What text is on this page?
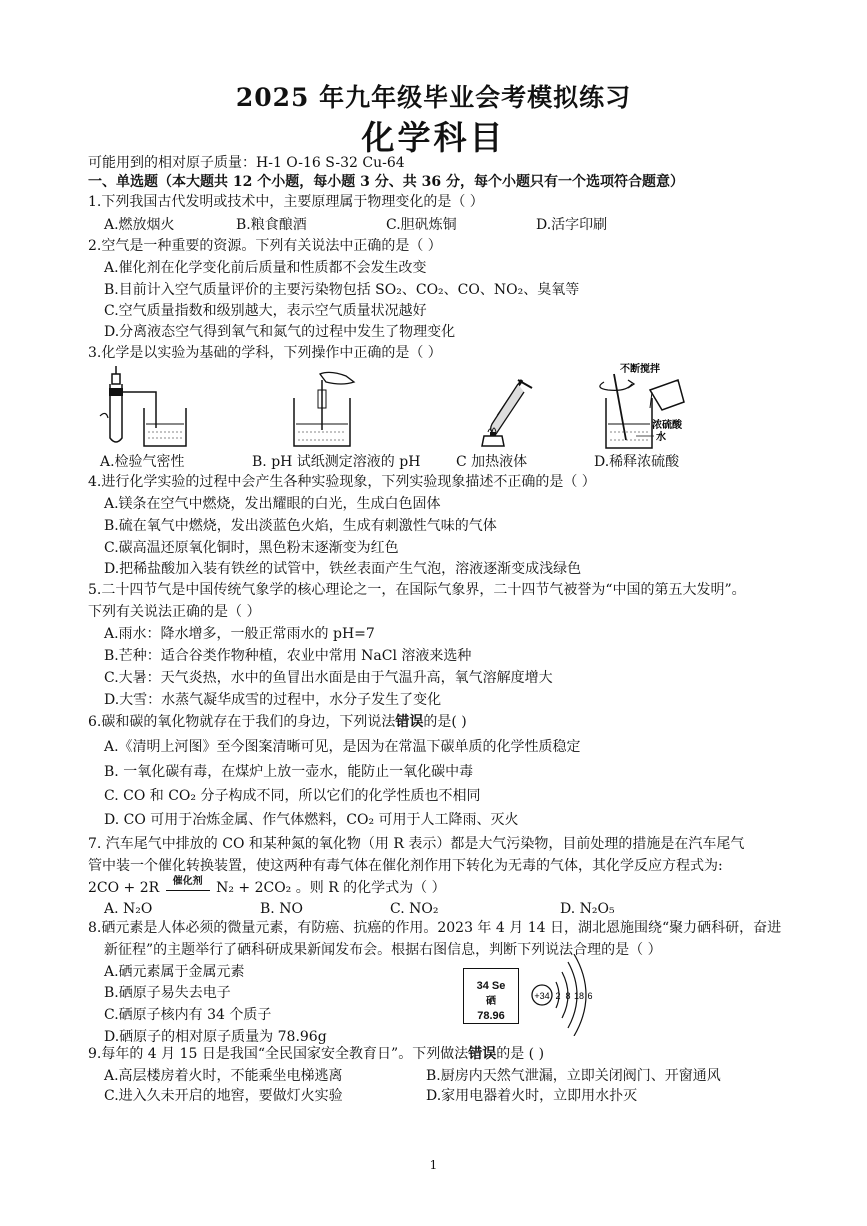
2025 年九年级毕业会考模拟练习
化学科目
可能用到的相对原子质量：H-1 O-16 S-32 Cu-64
一、单选题（本大题共 12 个小题，每小题 3 分、共 36 分，每个小题只有一个选项符合题意）
1.下列我国古代发明或技术中，主要原理属于物理变化的是（ ）
A.燃放烟火	B.粮食酿酒	C.胆矾炼铜	D.活字印刷
2.空气是一种重要的资源。下列有关说法中正确的是（ ）
A.催化剂在化学变化前后质量和性质都不会发生改变
B.目前计入空气质量评价的主要污染物包括 SO₂、CO₂、CO、NO₂、臭氧等
C.空气质量指数和级别越大，表示空气质量状况越好
D.分离液态空气得到氧气和氮气的过程中发生了物理变化
3.化学是以实验为基础的学科，下列操作中正确的是（ ）
不断搅拌
浓硫酸
水
A.检验气密性	B. pH 试纸测定溶液的 pH	C 加热液体	D.稀释浓硫酸
4.进行化学实验的过程中会产生各种实验现象，下列实验现象描述不正确的是（ ）
A.镁条在空气中燃烧，发出耀眼的白光，生成白色固体
B.硫在氧气中燃烧，发出淡蓝色火焰，生成有刺激性气味的气体
C.碳高温还原氧化铜时，黑色粉末逐渐变为红色
D.把稀盐酸加入装有铁丝的试管中，铁丝表面产生气泡，溶液逐渐变成浅绿色
5.二十四节气是中国传统气象学的核心理论之一，在国际气象界，二十四节气被誉为“中国的第五大发明”。
下列有关说法正确的是（ ）
A.雨水：降水增多，一般正常雨水的 pH=7
B.芒种：适合谷类作物种植，农业中常用 NaCl 溶液来选种
C.大暑：天气炎热，水中的鱼冒出水面是由于气温升高，氧气溶解度增大
D.大雪：水蒸气凝华成雪的过程中，水分子发生了变化
6.碳和碳的氧化物就存在于我们的身边，下列说法错误的是( )
A.《清明上河图》至今图案清晰可见，是因为在常温下碳单质的化学性质稳定
B. 一氧化碳有毒，在煤炉上放一壶水，能防止一氧化碳中毒
C. CO 和 CO₂ 分子构成不同，所以它们的化学性质也不相同
D. CO 可用于冶炼金属、作气体燃料，CO₂ 可用于人工降雨、灭火
7. 汽车尾气中排放的 CO 和某种氮的氧化物（用 R 表示）都是大气污染物，目前处理的措施是在汽车尾气
管中装一个催化转换装置，使这两种有毒气体在催化剂作用下转化为无毒的气体，其化学反应方程式为:
2CO + 2R	催化剂 N₂ + 2CO₂ 。则 R 的化学式为（ ）
A. N₂O	B. NO	C. NO₂	D. N₂O₅
8.硒元素是人体必须的微量元素，有防癌、抗癌的作用。2023 年 4 月 14 日，湖北恩施围绕“聚力硒科研，奋进
新征程”的主题举行了硒科研成果新闻发布会。根据右图信息，判断下列说法合理的是（ ）
A.硒元素属于金属元素
B.硒原子易失去电子
C.硒原子核内有 34 个质子
D.硒原子的相对原子质量为 78.96g
34 Se
硒
78.96
+34 2 8 18 6
9.每年的 4 月 15 日是我国“全民国家安全教育日”。下列做法错误的是 ( )
A.高层楼房着火时，不能乘坐电梯逃离	B.厨房内天然气泄漏，立即关闭阀门、开窗通风
C.进入久未开启的地窖，要做灯火实验	D.家用电器着火时，立即用水扑灭
1
